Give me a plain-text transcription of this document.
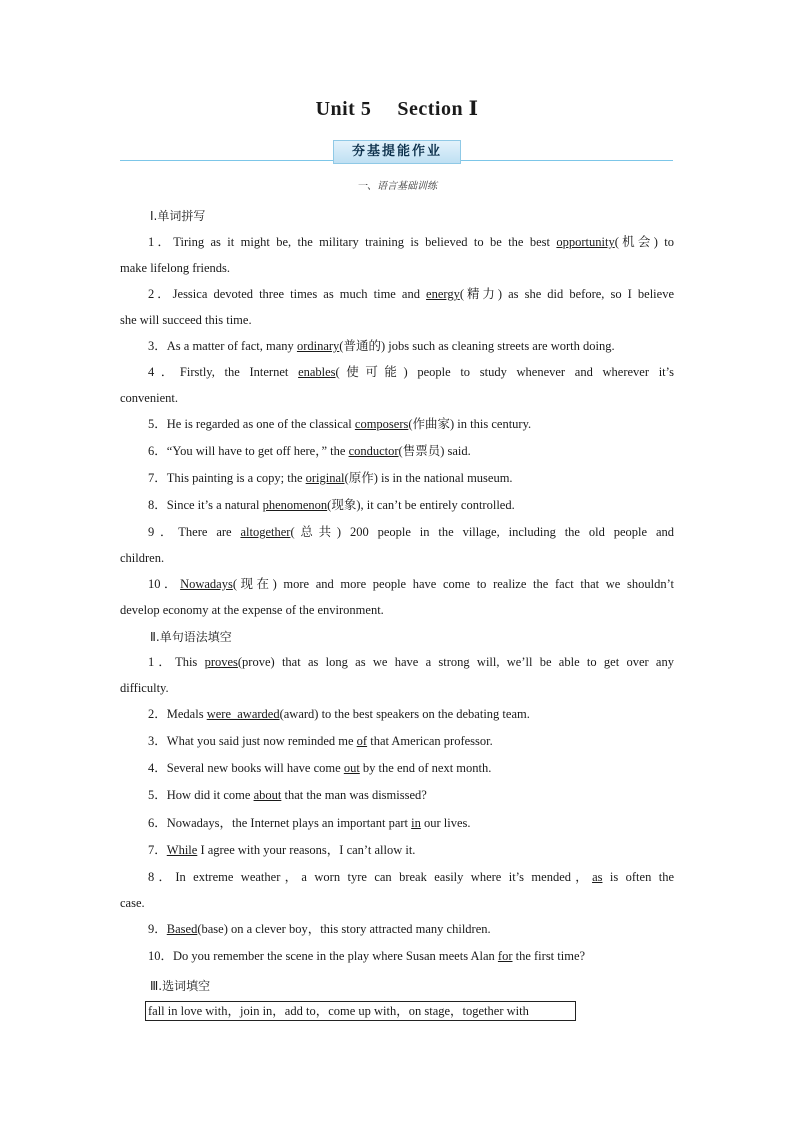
Unit 5 Section Ⅰ
夯基提能作业
一、语言基础训练
Ⅰ.单词拼写
1．Tiring as it might be, the military training is believed to be the best opportunity(机会) to
make lifelong friends.
2．Jessica devoted three times as much time and energy(精力) as she did before, so I believe
she will succeed this time.
3．As a matter of fact, many ordinary(普通的) jobs such as cleaning streets are worth doing.
4．Firstly, the Internet enables(使可能) people to study whenever and wherever it’s
convenient.
5．He is regarded as one of the classical composers(作曲家) in this century.
6．“You will have to get off here，” the conductor(售票员) said.
7．This painting is a copy; the original(原作) is in the national museum.
8．Since it’s a natural phenomenon(现象), it can’t be entirely controlled.
9．There are altogether(总共) 200 people in the village, including the old people and
children.
10．Nowadays(现在) more and more people have come to realize the fact that we shouldn’t
develop economy at the expense of the environment.
Ⅱ.单句语法填空
1．This proves(prove) that as long as we have a strong will, we’ll be able to get over any
difficulty.
2．Medals were_awarded(award) to the best speakers on the debating team.
3．What you said just now reminded me of that American professor.
4．Several new books will have come out by the end of next month.
5．How did it come about that the man was dismissed?
6．Nowadays，the Internet plays an important part in our lives.
7．While I agree with your reasons，I can’t allow it.
8．In extreme weather，a worn tyre can break easily where it’s mended，as is often the
case.
9．Based(base) on a clever boy，this story attracted many children.
10．Do you remember the scene in the play where Susan meets Alan for the first time?
Ⅲ.选词填空
fall in love with，join in，add to，come up with，on stage，together with
